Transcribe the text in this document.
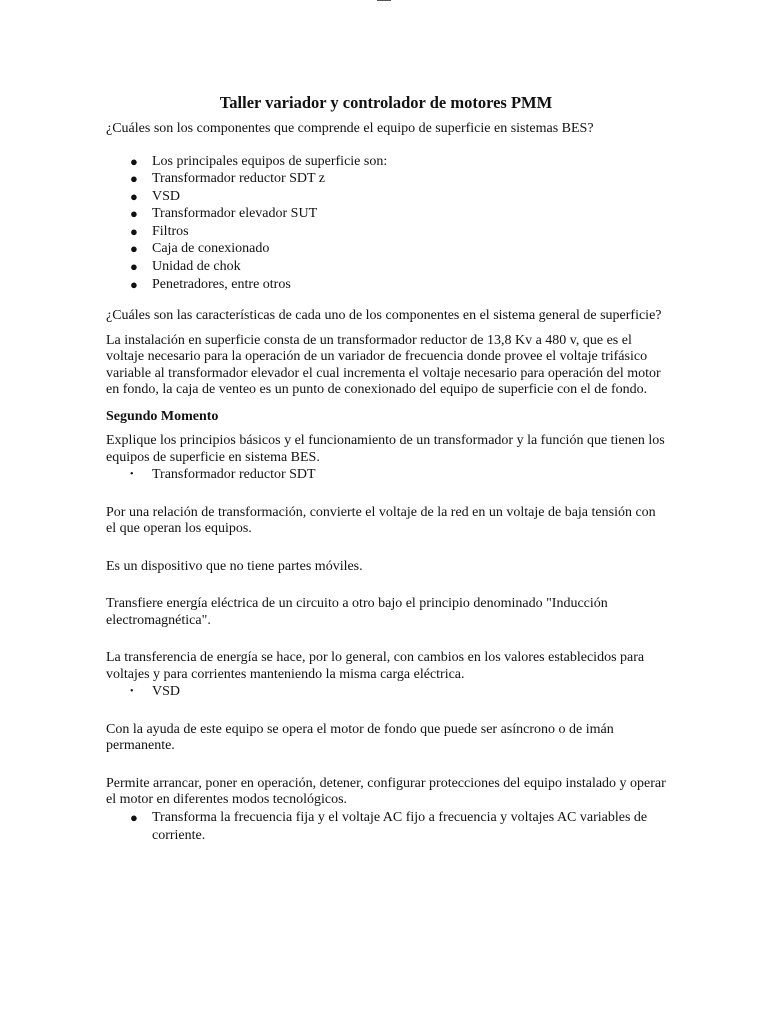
Taller variador y controlador de motores PMM

¿Cuáles son los componentes que comprende el equipo de superficie en sistemas BES?

● Los principales equipos de superficie son:
● Transformador reductor SDT z
● VSD
● Transformador elevador SUT
● Filtros
● Caja de conexionado
● Unidad de chok
● Penetradores, entre otros

¿Cuáles son las características de cada uno de los componentes en el sistema general de superficie?

La instalación en superficie consta de un transformador reductor de 13,8 Kv a 480 v, que es el voltaje necesario para la operación de un variador de frecuencia donde provee el voltaje trifásico variable al transformador elevador el cual incrementa el voltaje necesario para operación del motor en fondo, la caja de venteo es un punto de conexionado del equipo de superficie con el de fondo.

Segundo Momento

Explique los principios básicos y el funcionamiento de un transformador y la función que tienen los equipos de superficie en sistema BES.

• Transformador reductor SDT

Por una relación de transformación, convierte el voltaje de la red en un voltaje de baja tensión con el que operan los equipos.

Es un dispositivo que no tiene partes móviles.

Transfiere energía eléctrica de un circuito a otro bajo el principio denominado "Inducción electromagnética".

La transferencia de energía se hace, por lo general, con cambios en los valores establecidos para voltajes y para corrientes manteniendo la misma carga eléctrica.

• VSD

Con la ayuda de este equipo se opera el motor de fondo que puede ser asíncrono o de imán permanente.

Permite arrancar, poner en operación, detener, configurar protecciones del equipo instalado y operar el motor en diferentes modos tecnológicos.

● Transforma la frecuencia fija y el voltaje AC fijo a frecuencia y voltajes AC variables de corriente.
